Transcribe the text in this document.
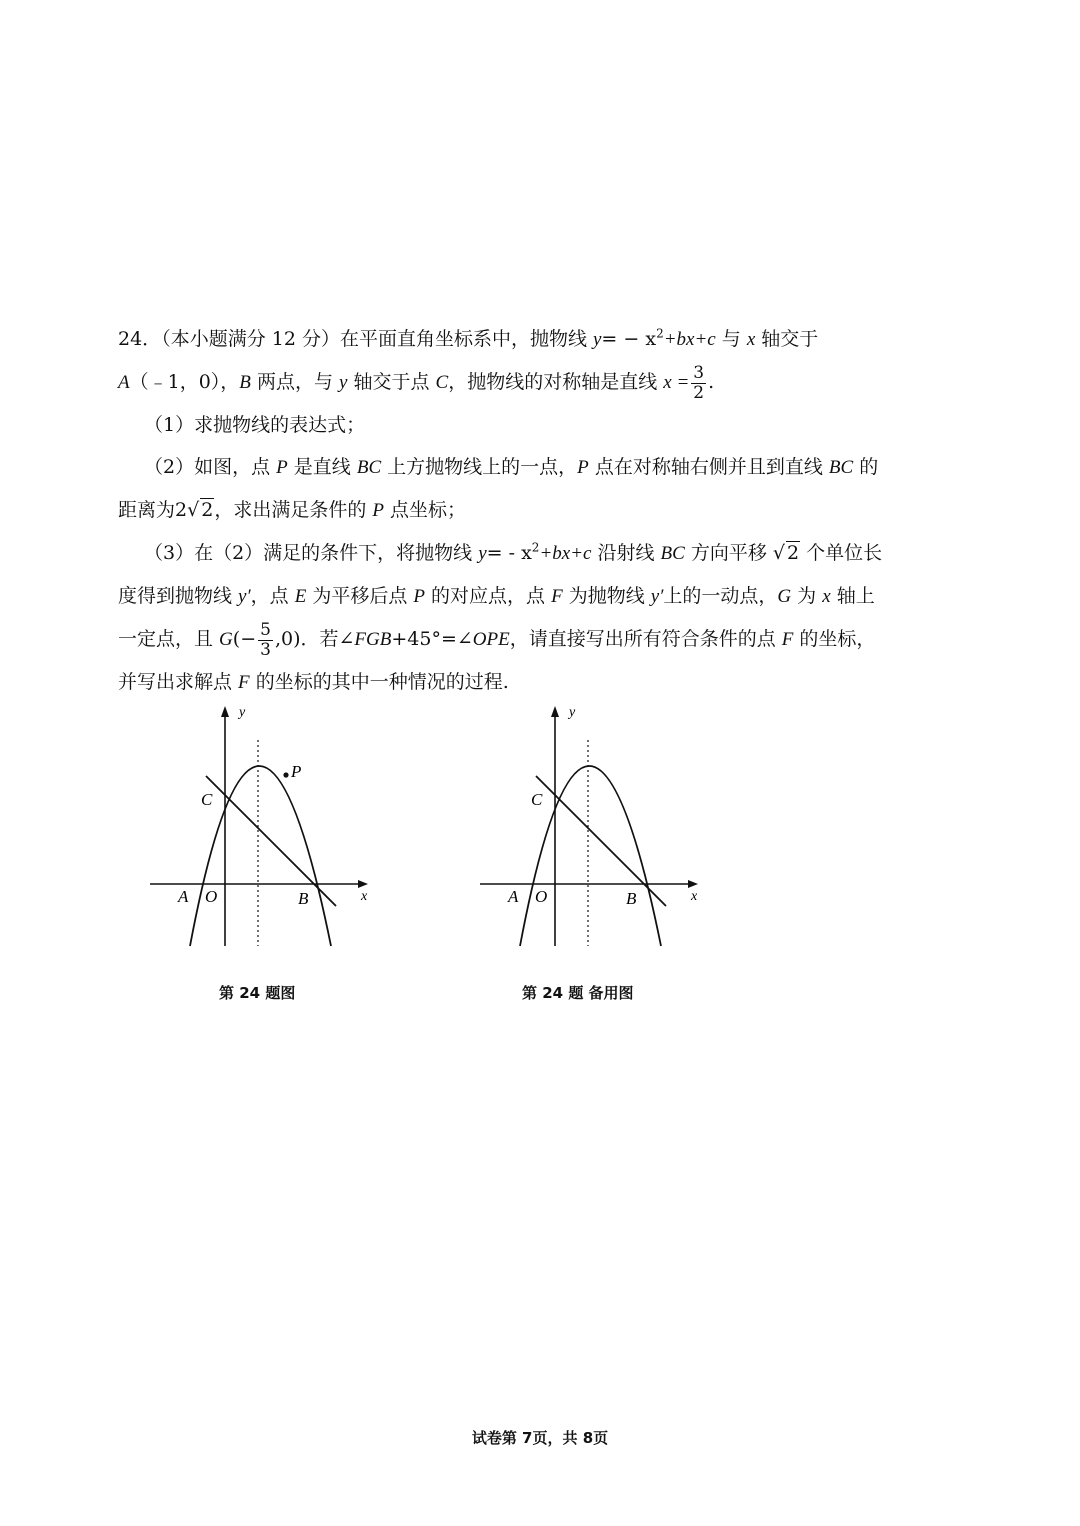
24．（本小题满分 12 分）在平面直角坐标系中，抛物线 $y= - x^2+bx+c$ 与 x 轴交于
A（﹣1，0），B 两点，与 y 轴交于点 C，抛物线的对称轴是直线 $x = \frac{3}{2}$ .

（1）求抛物线的表达式；

（2）如图，点 P 是直线 BC 上方抛物线上的一点，P 点在对称轴右侧并且到直线 BC 的

距离为2√ 2，求出满足条件的 P 点坐标；

（3）在（2）满足的条件下，将抛物线 $y= - x^2+bx+c$ 沿射线 BC 方向平移 √ 2 个单位长

度得到抛物线 y′，点 E 为平移后点 P 的对应点，点 F 为抛物线 y′上的一动点，G 为 x 轴上

一定点，且 $G(- \frac{5}{3} ,0)$．若∠FGB+45°=∠OPE，请直接写出所有符合条件的点 F 的坐标，

并写出求解点 F 的坐标的其中一种情况的过程.

y
x
C
A O	B
P
第 24 题图
y
x
C
A O	B
第 24 题 备用图
试卷第 7页，共 8页
